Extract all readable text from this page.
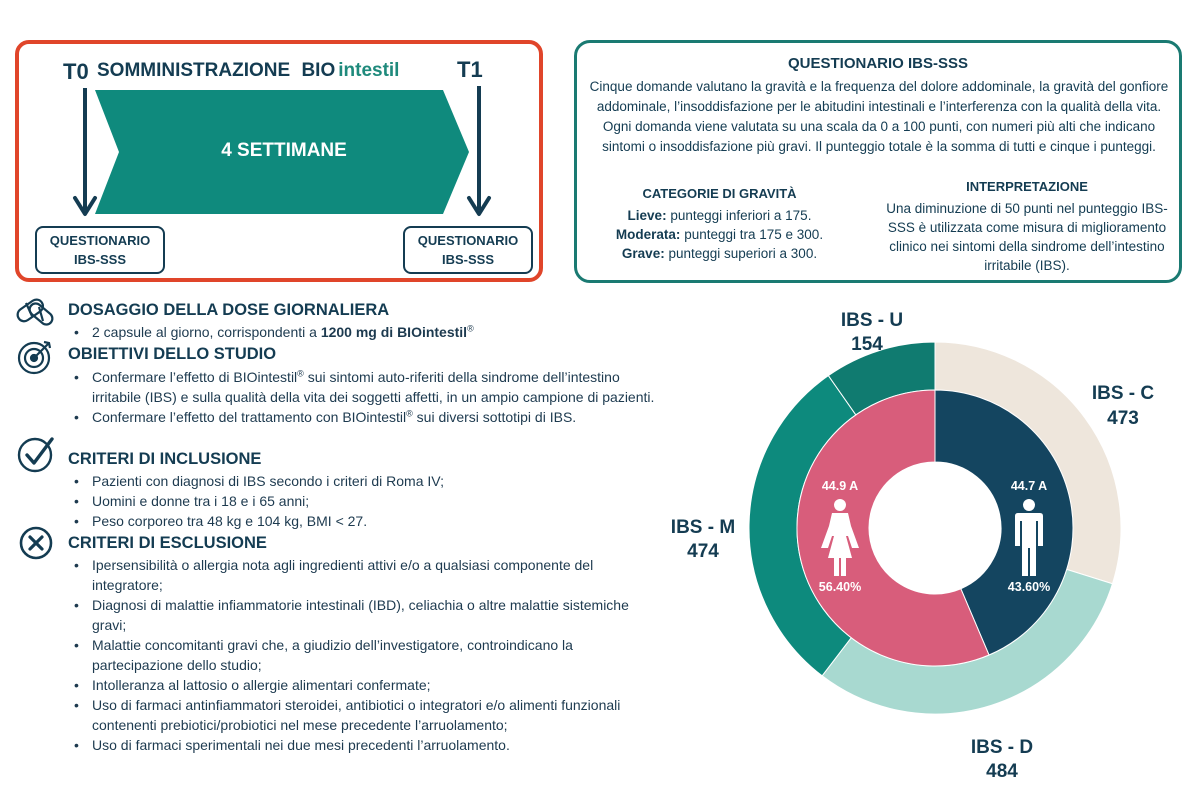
T0	T1
SOMMINISTRAZIONE BIO intestil
4 SETTIMANE
QUESTIONARIO
IBS-SSS
QUESTIONARIO
IBS-SSS
QUESTIONARIO IBS-SSS
Cinque domande valutano la gravità e la frequenza del dolore addominale, la gravità del gonfiore addominale, l’insoddisfazione per le abitudini intestinali e l’interferenza con la qualità della vita. Ogni domanda viene valutata su una scala da 0 a 100 punti, con numeri più alti che indicano sintomi o insoddisfazione più gravi. Il punteggio totale è la somma di tutti e cinque i punteggi.
CATEGORIE DI GRAVITÀ
Lieve: punteggi inferiori a 175.
Moderata: punteggi tra 175 e 300.
Grave: punteggi superiori a 300.
INTERPRETAZIONE
Una diminuzione di 50 punti nel punteggio IBS-SSS è utilizzata come misura di miglioramento clinico nei sintomi della sindrome dell’intestino irritabile (IBS).
DOSAGGIO DELLA DOSE GIORNALIERA
• 2 capsule al giorno, corrispondenti a 1200 mg di BIOintestil®
OBIETTIVI DELLO STUDIO
• Confermare l’effetto di BIOintestil® sui sintomi auto-riferiti della sindrome dell’intestino irritabile (IBS) e sulla qualità della vita dei soggetti affetti, in un ampio campione di pazienti.
• Confermare l’effetto del trattamento con BIOintestil® sui diversi sottotipi di IBS.
CRITERI DI INCLUSIONE
• Pazienti con diagnosi di IBS secondo i criteri di Roma IV;
• Uomini e donne tra i 18 e i 65 anni;
• Peso corporeo tra 48 kg e 104 kg, BMI < 27.
CRITERI DI ESCLUSIONE
• Ipersensibilità o allergia nota agli ingredienti attivi e/o a qualsiasi componente del integratore;
• Diagnosi di malattie infiammatorie intestinali (IBD), celiachia o altre malattie sistemiche gravi;
• Malattie concomitanti gravi che, a giudizio dell’investigatore, controindicano la partecipazione dello studio;
• Intolleranza al lattosio o allergie alimentari confermate;
• Uso di farmaci antinfiammatori steroidei, antibiotici o integratori e/o alimenti funzionali contenenti prebiotici/probiotici nel mese precedente l’arruolamento;
• Uso di farmaci sperimentali nei due mesi precedenti l’arruolamento.
IBS - U
154
IBS - C
473
IBS - M
474
IBS - D
484
44.9 A
56.40%
44.7 A
43.60%
